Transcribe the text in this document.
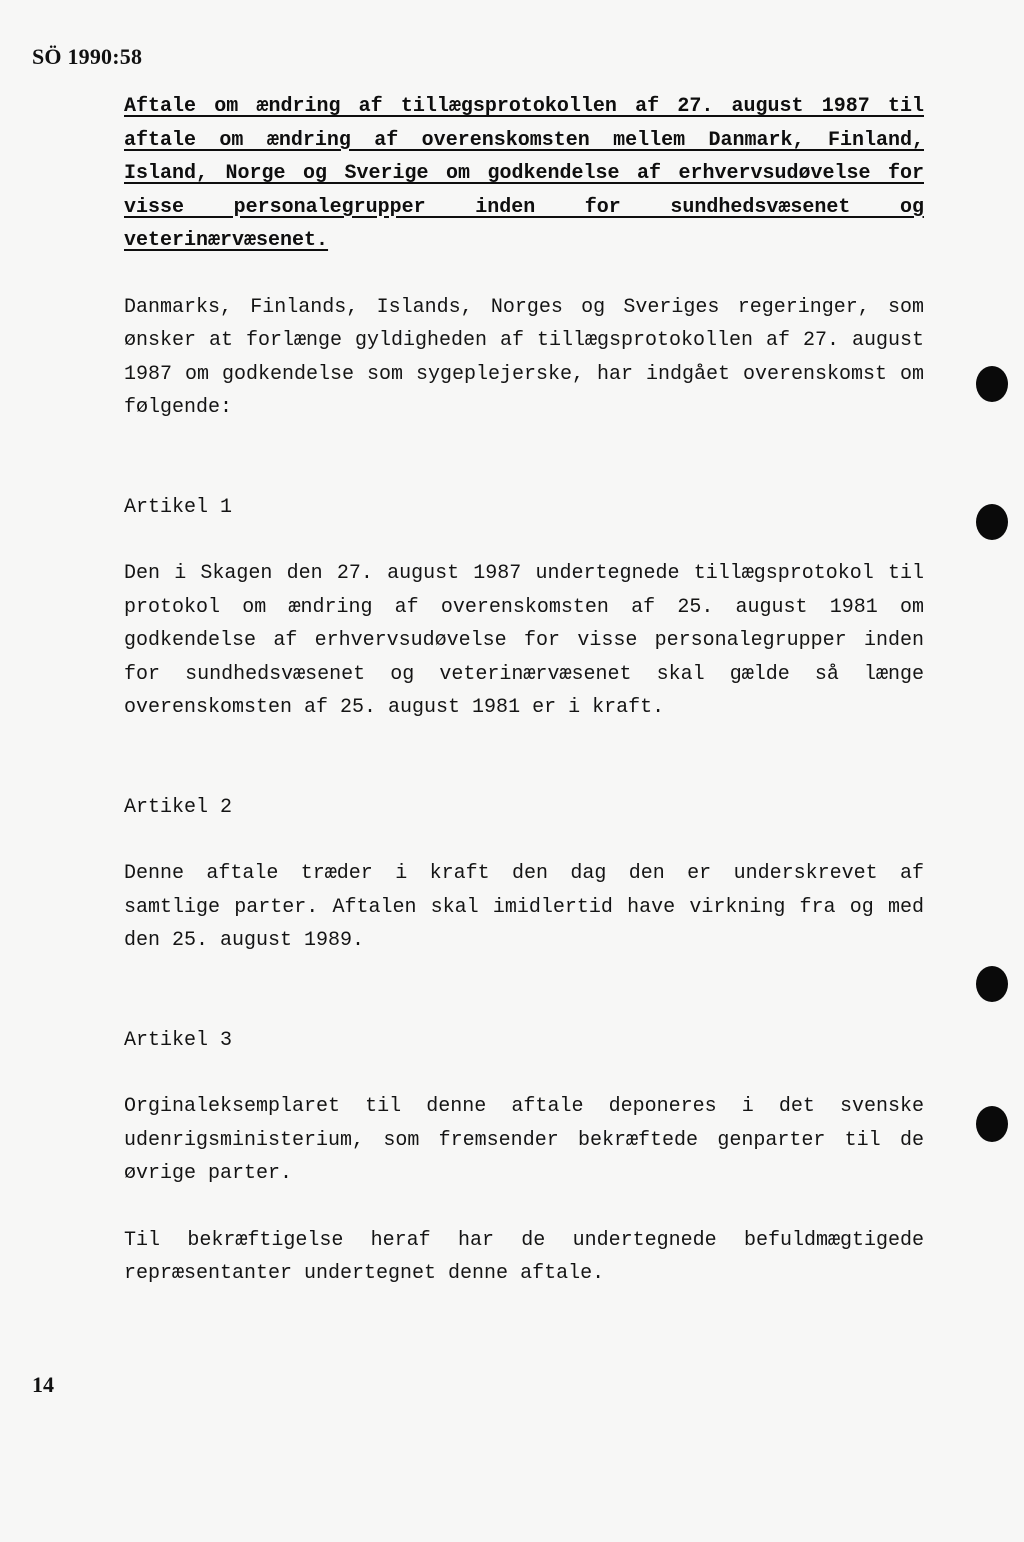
SÖ 1990:58
Aftale om ændring af tillægsprotokollen af 27. august 1987 til aftale om ændring af overenskomsten mellem Danmark, Finland, Island, Norge og Sverige om godkendelse af erhvervsudøvelse for visse personalegrupper inden for sundhedsvæsenet og veterinærvæsenet.

Danmarks, Finlands, Islands, Norges og Sveriges regeringer, som ønsker at forlænge gyldigheden af tillægsprotokollen af 27. august 1987 om godkendelse som sygeplejerske, har indgået overenskomst om følgende:

Artikel 1

Den i Skagen den 27. august 1987 undertegnede tillægsprotokol til protokol om ændring af overenskomsten af 25. august 1981 om godkendelse af erhvervsudøvelse for visse personalegrupper inden for sundhedsvæsenet og veterinærvæsenet skal gælde så længe overenskomsten af 25. august 1981 er i kraft.

Artikel 2

Denne aftale træder i kraft den dag den er underskrevet af samtlige parter. Aftalen skal imidlertid have virkning fra og med den 25. august 1989.

Artikel 3

Orginaleksemplaret til denne aftale deponeres i det svenske udenrigsministerium, som fremsender bekræftede genparter til de øvrige parter.

Til bekræftigelse heraf har de undertegnede befuldmægtigede repræsentanter undertegnet denne aftale.

14
